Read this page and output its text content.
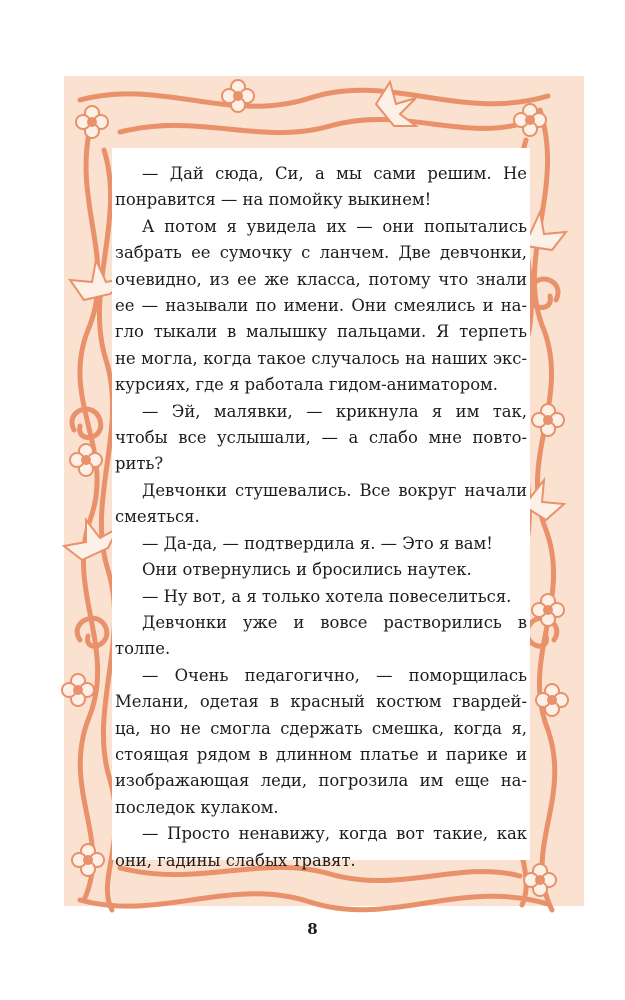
— Дай сюда, Си, а мы сами решим. Не
понравится — на помойку выкинем!

А потом я увидела их — они попытались
забрать ее сумочку с ланчем. Две девчонки,
очевидно, из ее же класса, потому что знали
ее — называли по имени. Они смеялись и на-
гло тыкали в малышку пальцами. Я терпеть
не могла, когда такое случалось на наших экс-
курсиях, где я работала гидом-аниматором.

— Эй, малявки, — крикнула я им так,
чтобы все услышали, — а слабо мне повто-
рить?

Девчонки стушевались. Все вокруг начали
смеяться.

— Да-да, — подтвердила я. — Это я вам!

Они отвернулись и бросились наутек.

— Ну вот, а я только хотела повеселиться.

Девчонки уже и вовсе растворились в
толпе.

— Очень педагогично, — поморщилась
Мелани, одетая в красный костюм гвардей-
ца, но не смогла сдержать смешка, когда я,
стоящая рядом в длинном платье и парике и
изображающая леди, погрозила им еще на-
последок кулаком.

— Просто ненавижу, когда вот такие, как
они, гадины слабых травят.

8
